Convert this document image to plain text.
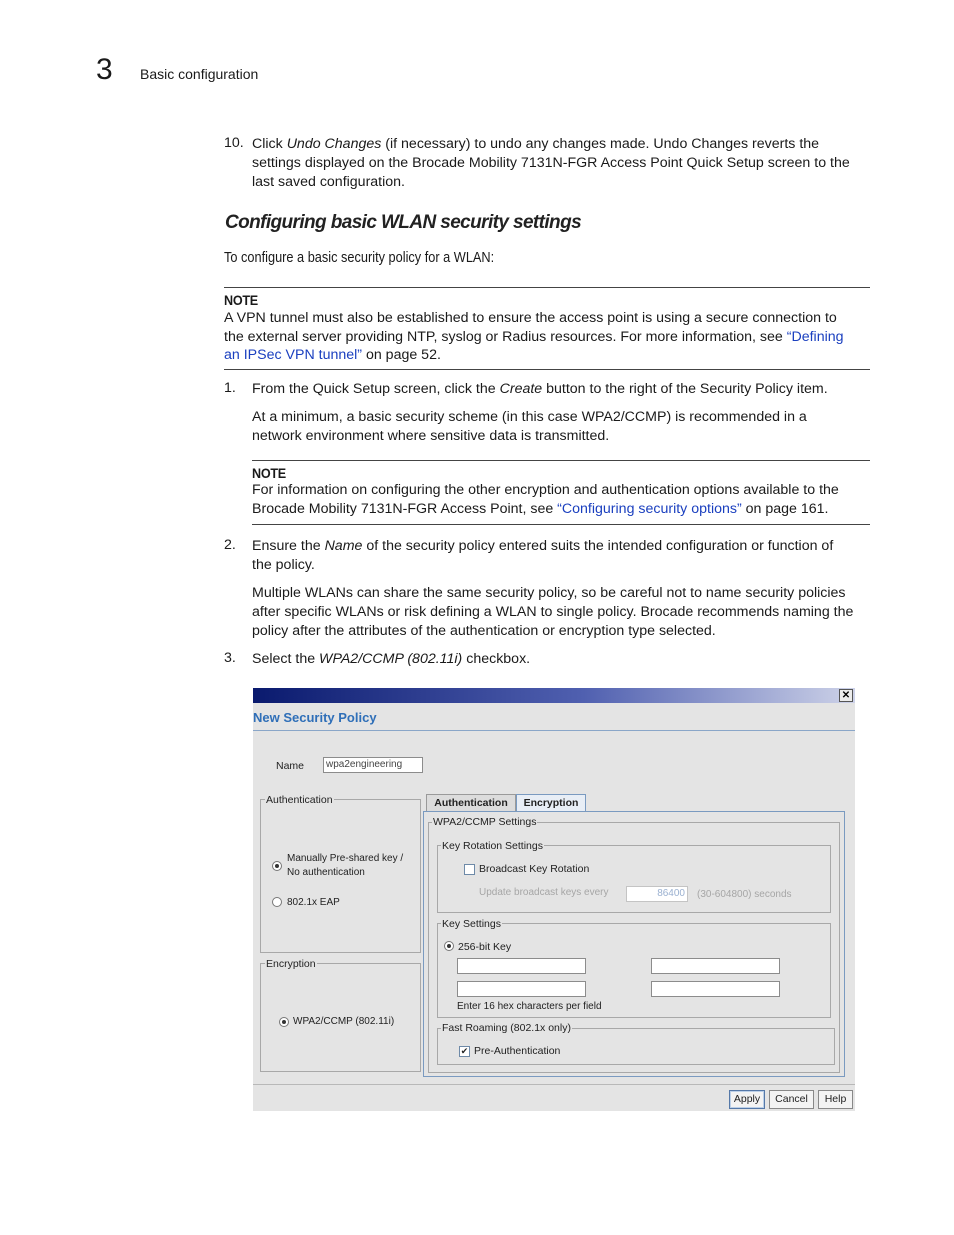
3 Basic configuration
10. Click Undo Changes (if necessary) to undo any changes made. Undo Changes reverts the
settings displayed on the Brocade Mobility 7131N-FGR Access Point Quick Setup screen to the
last saved configuration.
Configuring basic WLAN security settings
To configure a basic security policy for a WLAN:
NOTE
A VPN tunnel must also be established to ensure the access point is using a secure connection to
the external server providing NTP, syslog or Radius resources. For more information, see “Defining
an IPSec VPN tunnel” on page 52.
1. From the Quick Setup screen, click the Create button to the right of the Security Policy item.
At a minimum, a basic security scheme (in this case WPA2/CCMP) is recommended in a
network environment where sensitive data is transmitted.
NOTE
For information on configuring the other encryption and authentication options available to the
Brocade Mobility 7131N-FGR Access Point, see “Configuring security options” on page 161.
2. Ensure the Name of the security policy entered suits the intended configuration or function of
the policy.
Multiple WLANs can share the same security policy, so be careful not to name security policies
after specific WLANs or risk defining a WLAN to single policy. Brocade recommends naming the
policy after the attributes of the authentication or encryption type selected.
3. Select the WPA2/CCMP (802.11i) checkbox.
✕
New Security Policy
Name	wpa2engineering
Authentication
Manually Pre-shared key /
No authentication
802.1x EAP
Encryption
WPA2/CCMP (802.11i)
Authentication	Encryption
WPA2/CCMP Settings
Key Rotation Settings
Broadcast Key Rotation
Update broadcast keys every	86400	(30-604800) seconds
Key Settings
256-bit Key
Enter 16 hex characters per field
Fast Roaming (802.1x only)
✔ Pre-Authentication
Apply	Cancel	Help
